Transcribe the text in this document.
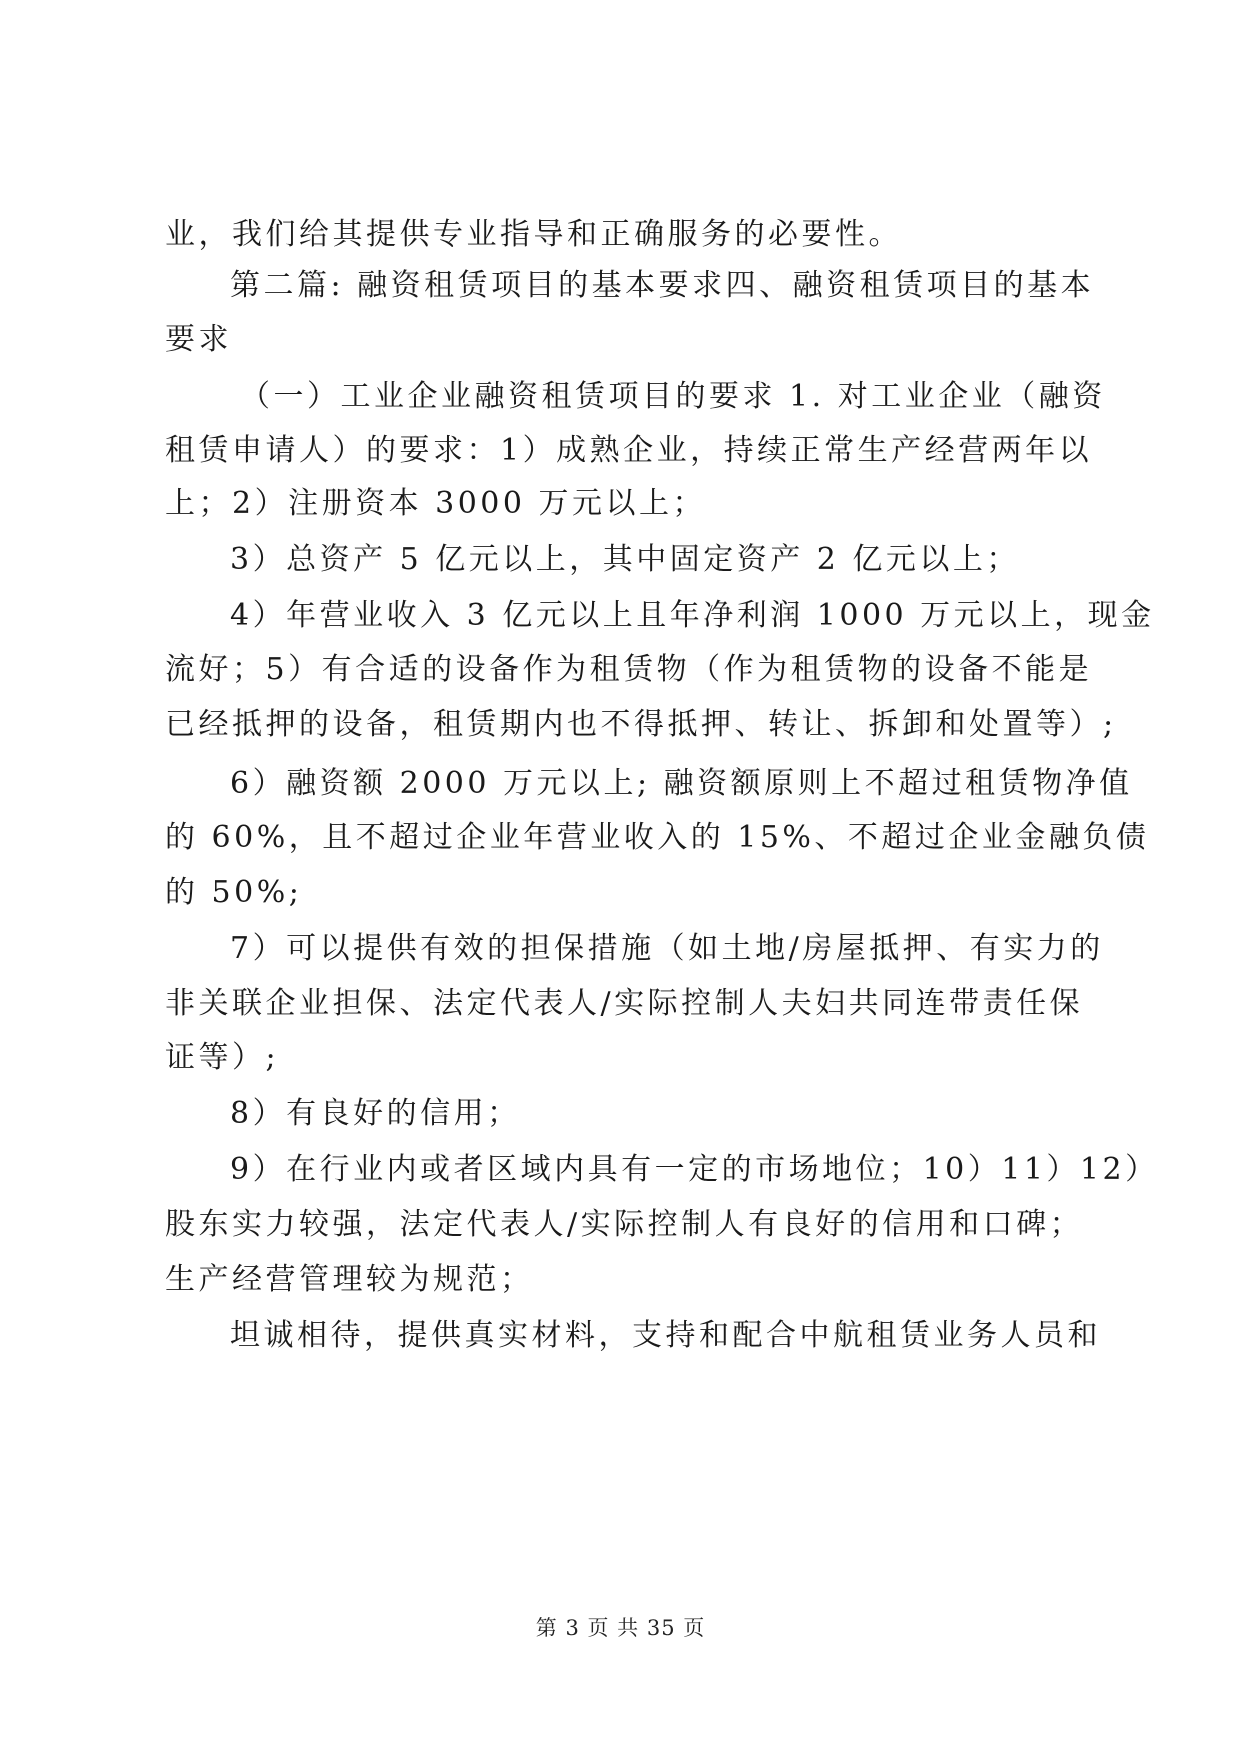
业，我们给其提供专业指导和正确服务的必要性。
第二篇: 融资租赁项目的基本要求四、融资租赁项目的基本
要求
（一）工业企业融资租赁项目的要求 1. 对工业企业（融资
租赁申请人）的要求：1）成熟企业，持续正常生产经营两年以
上；2）注册资本 3000 万元以上；
3）总资产 5 亿元以上，其中固定资产 2 亿元以上；
4）年营业收入 3 亿元以上且年净利润 1000 万元以上，现金
流好；5）有合适的设备作为租赁物（作为租赁物的设备不能是
已经抵押的设备，租赁期内也不得抵押、转让、拆卸和处置等）;
6）融资额 2000 万元以上; 融资额原则上不超过租赁物净值
的 60%，且不超过企业年营业收入的 15%、不超过企业金融负债
的 50%;
7）可以提供有效的担保措施（如土地/房屋抵押、有实力的
非关联企业担保、法定代表人/实际控制人夫妇共同连带责任保
证等）;
8）有良好的信用；
9）在行业内或者区域内具有一定的市场地位；10）11）12）
股东实力较强，法定代表人/实际控制人有良好的信用和口碑；
生产经营管理较为规范；
坦诚相待，提供真实材料，支持和配合中航租赁业务人员和
第 3 页 共 35 页
